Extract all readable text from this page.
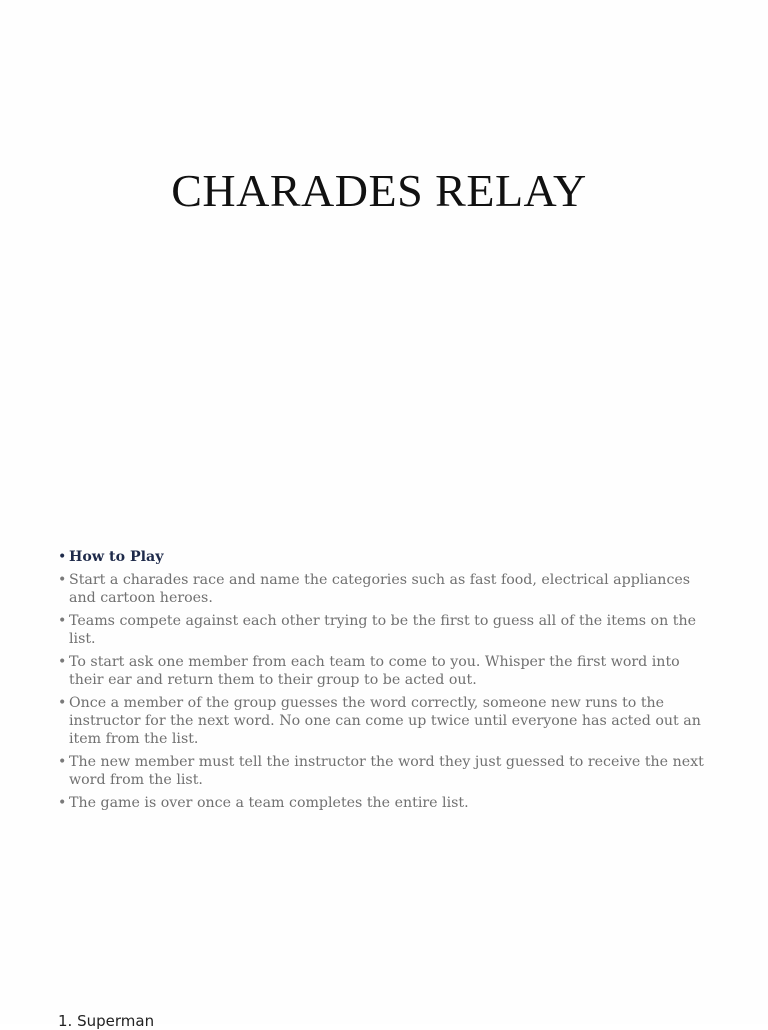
CHARADES RELAY
• How to Play
• Start a charades race and name the categories such as fast food, electrical appliances and cartoon heroes.
• Teams compete against each other trying to be the first to guess all of the items on the list.
• To start ask one member from each team to come to you. Whisper the first word into their ear and return them to their group to be acted out.
• Once a member of the group guesses the word correctly, someone new runs to the instructor for the next word. No one can come up twice until everyone has acted out an item from the list.
• The new member must tell the instructor the word they just guessed to receive the next word from the list.
• The game is over once a team completes the entire list.
1. Superman
